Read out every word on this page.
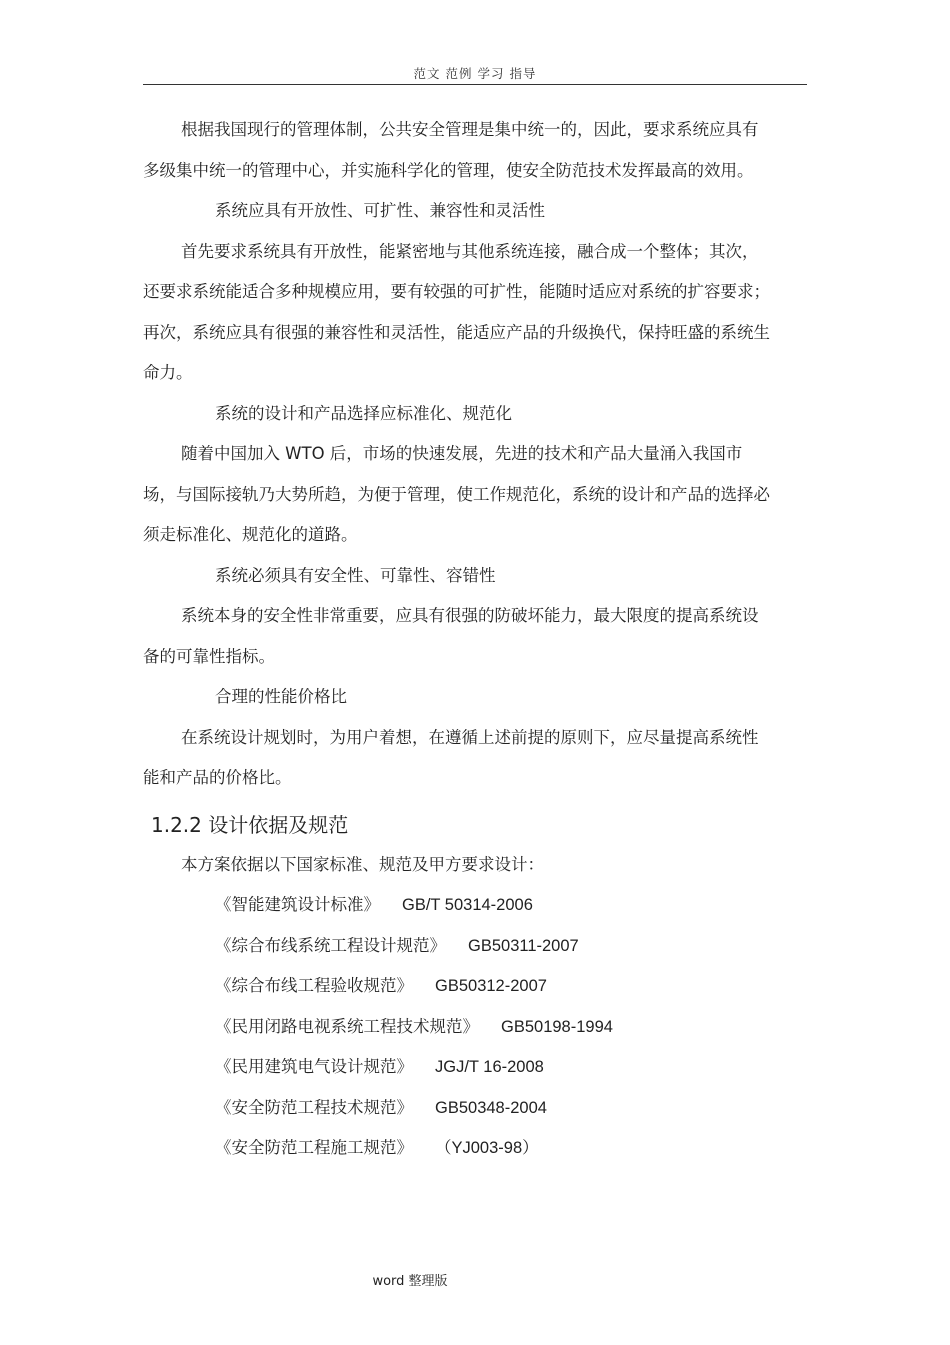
范文 范例 学习 指导

根据我国现行的管理体制，公共安全管理是集中统一的，因此，要求系统应具有多级集中统一的管理中心，并实施科学化的管理，使安全防范技术发挥最高的效用。

系统应具有开放性、可扩性、兼容性和灵活性

首先要求系统具有开放性，能紧密地与其他系统连接，融合成一个整体；其次，还要求系统能适合多种规模应用，要有较强的可扩性，能随时适应对系统的扩容要求；再次，系统应具有很强的兼容性和灵活性，能适应产品的升级换代，保持旺盛的系统生命力。

系统的设计和产品选择应标准化、规范化

随着中国加入 WTO 后，市场的快速发展，先进的技术和产品大量涌入我国市场，与国际接轨乃大势所趋，为便于管理，使工作规范化，系统的设计和产品的选择必须走标准化、规范化的道路。

系统必须具有安全性、可靠性、容错性

系统本身的安全性非常重要，应具有很强的防破坏能力，最大限度的提高系统设备的可靠性指标。

合理的性能价格比

在系统设计规划时，为用户着想，在遵循上述前提的原则下，应尽量提高系统性能和产品的价格比。

1.2.2 设计依据及规范

本方案依据以下国家标准、规范及甲方要求设计：

《智能建筑设计标准》 GB/T 50314-2006

《综合布线系统工程设计规范》 GB50311-2007

《综合布线工程验收规范》 GB50312-2007

《民用闭路电视系统工程技术规范》 GB50198-1994

《民用建筑电气设计规范》 JGJ/T 16-2008

《安全防范工程技术规范》 GB50348-2004

《安全防范工程施工规范》 （YJ003-98）

word 整理版
